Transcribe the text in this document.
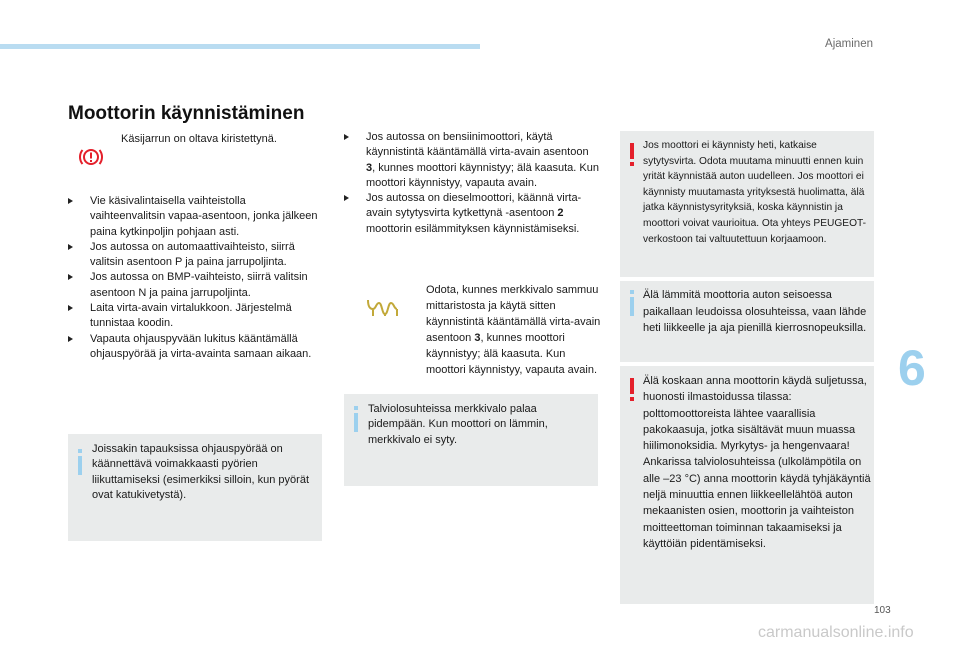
Ajaminen
6
Moottorin käynnistäminen
Käsijarrun on oltava kiristettynä.
Vie käsivalintaisella vaihteistolla vaihteenvalitsin vapaa-asentoon, jonka jälkeen paina kytkinpoljin pohjaan asti.
Jos autossa on automaattivaihteisto, siirrä valitsin asentoon P ja paina jarrupoljinta.
Jos autossa on BMP-vaihteisto, siirrä valitsin asentoon N ja paina jarrupoljinta.
Laita virta-avain virtalukkoon. Järjestelmä tunnistaa koodin.
Vapauta ohjauspyvään lukitus kääntämällä ohjauspyörää ja virta-avainta samaan aikaan.
Joissakin tapauksissa ohjauspyörää on käännettävä voimakkaasti pyörien liikuttamiseksi (esimerkiksi silloin, kun pyörät ovat katukivetystä).
Jos autossa on bensiinimoottori, käytä käynnistintä kääntämällä virta-avain asentoon 3, kunnes moottori käynnistyy; älä kaasuta. Kun moottori käynnistyy, vapauta avain.
Jos autossa on dieselmoottori, käännä virta-avain sytytysvirta kytkettynä -asentoon 2 moottorin esilämmityksen käynnistämiseksi.
Odota, kunnes merkkivalo sammuu mittaristosta ja käytä sitten käynnistintä kääntämällä virta-avain asentoon 3, kunnes moottori käynnistyy; älä kaasuta. Kun moottori käynnistyy, vapauta avain.
Talviolosuhteissa merkkivalo palaa pidempään. Kun moottori on lämmin, merkkivalo ei syty.
Jos moottori ei käynnisty heti, katkaise sytytysvirta. Odota muutama minuutti ennen kuin yrität käynnistää auton uudelleen. Jos moottori ei käynnisty muutamasta yrityksestä huolimatta, älä jatka käynnistysyrityksiä, koska käynnistin ja moottori voivat vaurioitua. Ota yhteys PEUGEOT-verkostoon tai valtuutettuun korjaamoon.
Älä lämmitä moottoria auton seisoessa paikallaan leudoissa olosuhteissa, vaan lähde heti liikkeelle ja aja pienillä kierrosnopeuksilla.
Älä koskaan anna moottorin käydä suljetussa, huonosti ilmastoidussa tilassa: polttomoottoreista lähtee vaarallisia pakokaasuja, jotka sisältävät muun muassa hiilimonoksidia. Myrkytys- ja hengenvaara!
Ankarissa talviolosuhteissa (ulkolämpötila on alle –23 °C) anna moottorin käydä tyhjäkäyntiä neljä minuuttia ennen liikkeellelähtöä auton mekaanisten osien, moottorin ja vaihteiston moitteettoman toiminnan takaamiseksi ja käyttöiän pidentämiseksi.
103
carmanualsonline.info
